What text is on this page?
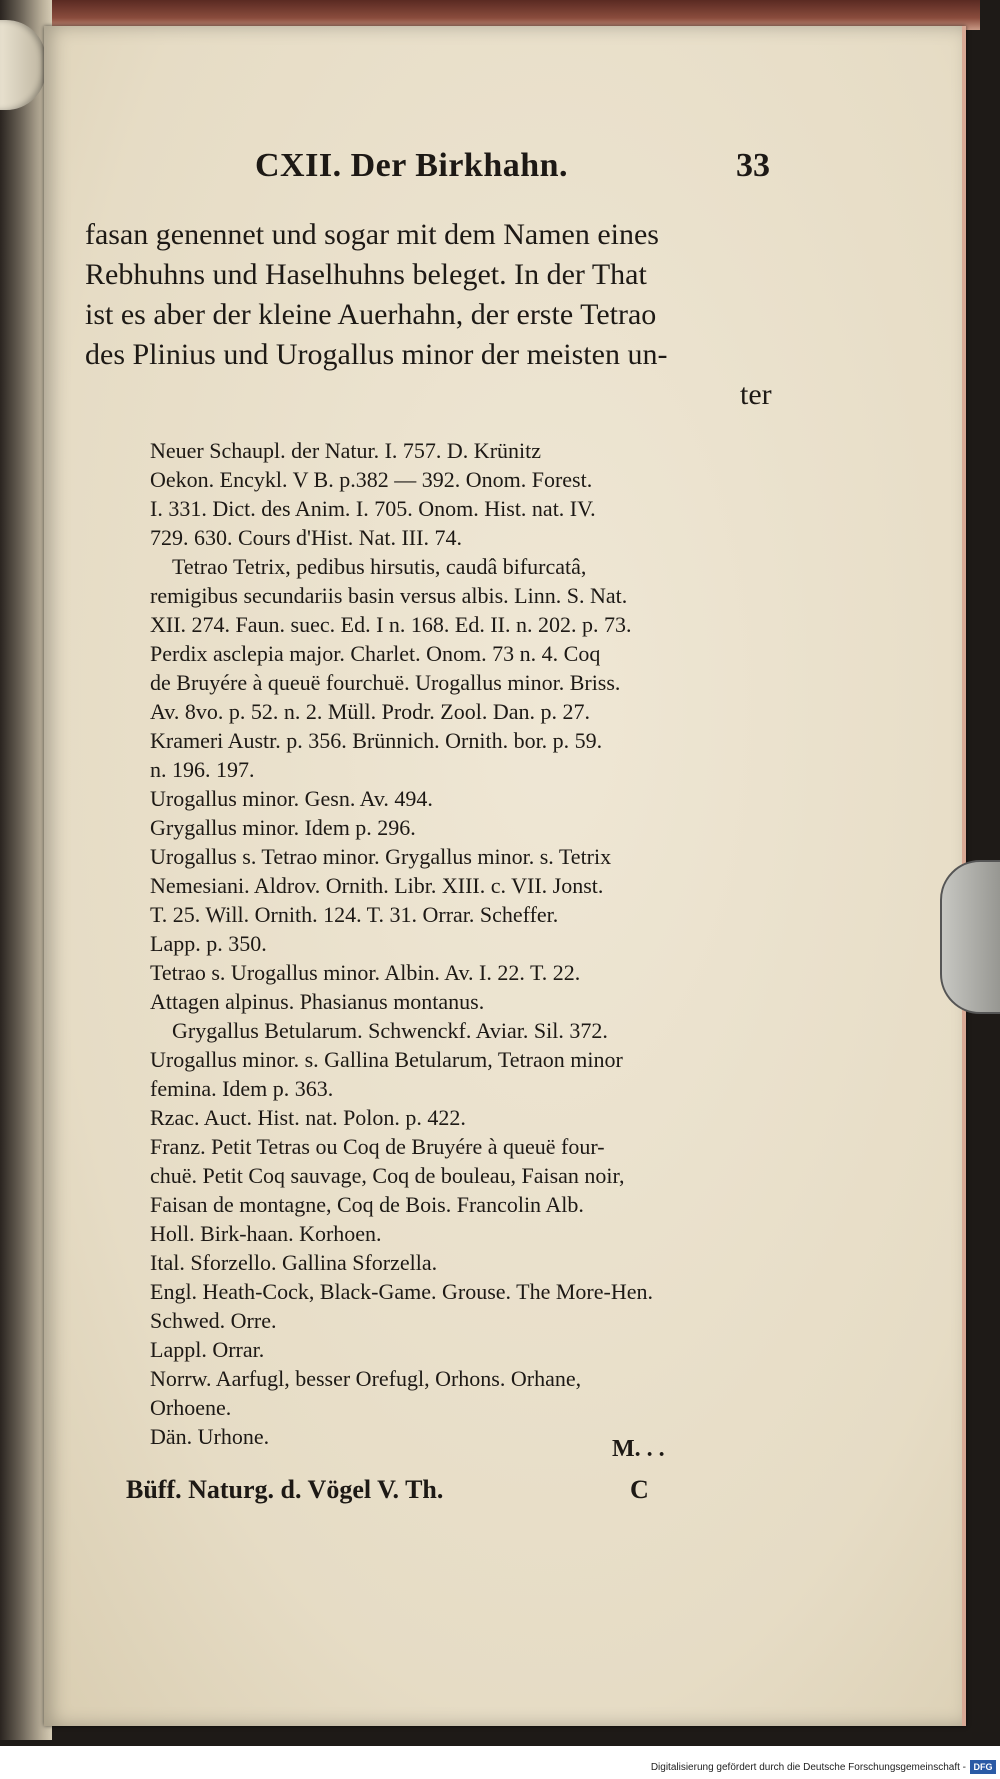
CXII. Der Birkhahn.	33
fasan genennet und sogar mit dem Namen eines
Rebhuhns und Haselhuhns beleget. In der That
ist es aber der kleine Auerhahn, der erste Tetrao
des Plinius und Urogallus minor der meisten un-
ter
Neuer Schaupl. der Natur. I. 757. D. Krünitz
Oekon. Encykl. V B. p.382 — 392. Onom. Forest.
I. 331. Dict. des Anim. I. 705. Onom. Hist. nat. IV.
729. 630. Cours d'Hist. Nat. III. 74.
Tetrao Tetrix, pedibus hirsutis, caudâ bifurcatâ,
remigibus secundariis basin versus albis. Linn. S. Nat.
XII. 274. Faun. suec. Ed. I n. 168. Ed. II. n. 202. p. 73.
Perdix asclepia major. Charlet. Onom. 73 n. 4. Coq
de Bruyére à queuë fourchuë. Urogallus minor. Briss.
Av. 8vo. p. 52. n. 2. Müll. Prodr. Zool. Dan. p. 27.
Krameri Austr. p. 356. Brünnich. Ornith. bor. p. 59.
n. 196. 197.
Urogallus minor. Gesn. Av. 494.
Grygallus minor. Idem p. 296.
Urogallus s. Tetrao minor. Grygallus minor. s. Tetrix
Nemesiani. Aldrov. Ornith. Libr. XIII. c. VII. Jonst.
T. 25. Will. Ornith. 124. T. 31. Orrar. Scheffer.
Lapp. p. 350.
Tetrao s. Urogallus minor. Albin. Av. I. 22. T. 22.
Attagen alpinus. Phasianus montanus.
Grygallus Betularum. Schwenckf. Aviar. Sil. 372.
Urogallus minor. s. Gallina Betularum, Tetraon minor
femina. Idem p. 363.
Rzac. Auct. Hist. nat. Polon. p. 422.
Franz. Petit Tetras ou Coq de Bruyére à queuë four-
chuë. Petit Coq sauvage, Coq de bouleau, Faisan noir,
Faisan de montagne, Coq de Bois. Francolin Alb.
Holl. Birk-haan. Korhoen.
Ital. Sforzello. Gallina Sforzella.
Engl. Heath-Cock, Black-Game. Grouse. The More-Hen.
Schwed. Orre.
Lappl. Orrar.
Norrw. Aarfugl, besser Orefugl, Orhons. Orhane,
Orhoene.
Dän. Urhone.	M. . .
Büff. Naturg. d. Vögel V. Th.	C
Digitalisierung gefördert durch die Deutsche Forschungsgemeinschaft - DFG
